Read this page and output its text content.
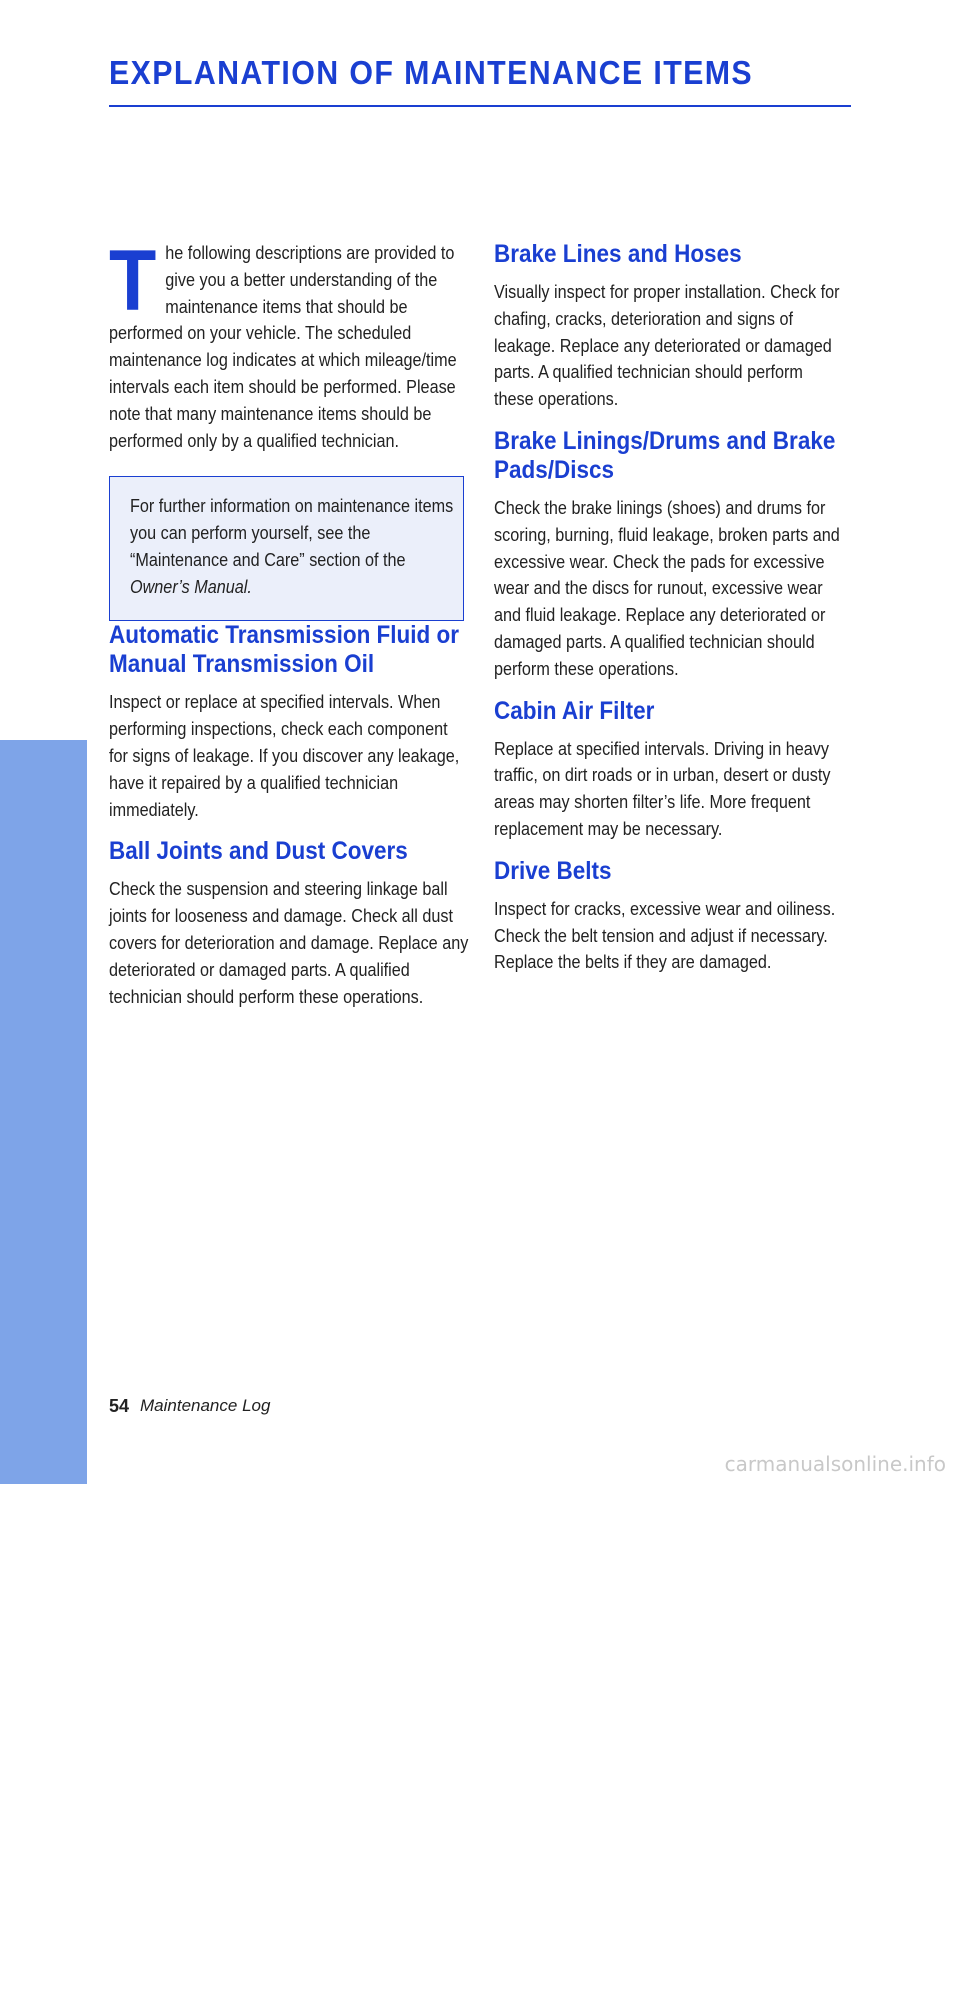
EXPLANATION OF MAINTENANCE ITEMS
MAINTENANCE

The following descriptions are provided to give you a better understanding of the maintenance items that should be performed on your vehicle. The scheduled maintenance log indicates at which mileage/time intervals each item should be performed. Please note that many maintenance items should be performed only by a qualified technician.

For further information on maintenance items you can perform yourself, see the “Maintenance and Care” section of the Owner’s Manual.

Automatic Transmission Fluid or Manual Transmission Oil

Inspect or replace at specified intervals. When performing inspections, check each component for signs of leakage. If you discover any leakage, have it repaired by a qualified technician immediately.

Ball Joints and Dust Covers

Check the suspension and steering linkage ball joints for looseness and damage. Check all dust covers for deterioration and damage. Replace any deteriorated or damaged parts. A qualified technician should perform these operations.

Brake Lines and Hoses

Visually inspect for proper installation. Check for chafing, cracks, deterioration and signs of leakage. Replace any deteriorated or damaged parts. A qualified technician should perform these operations.

Brake Linings/Drums and Brake Pads/Discs

Check the brake linings (shoes) and drums for scoring, burning, fluid leakage, broken parts and excessive wear. Check the pads for excessive wear and the discs for runout, excessive wear and fluid leakage. Replace any deteriorated or damaged parts. A qualified technician should perform these operations.

Cabin Air Filter

Replace at specified intervals. Driving in heavy traffic, on dirt roads or in urban, desert or dusty areas may shorten filter’s life. More frequent replacement may be necessary.

Drive Belts

Inspect for cracks, excessive wear and oiliness. Check the belt tension and adjust if necessary. Replace the belts if they are damaged.

54 Maintenance Log
carmanualsonline.info
